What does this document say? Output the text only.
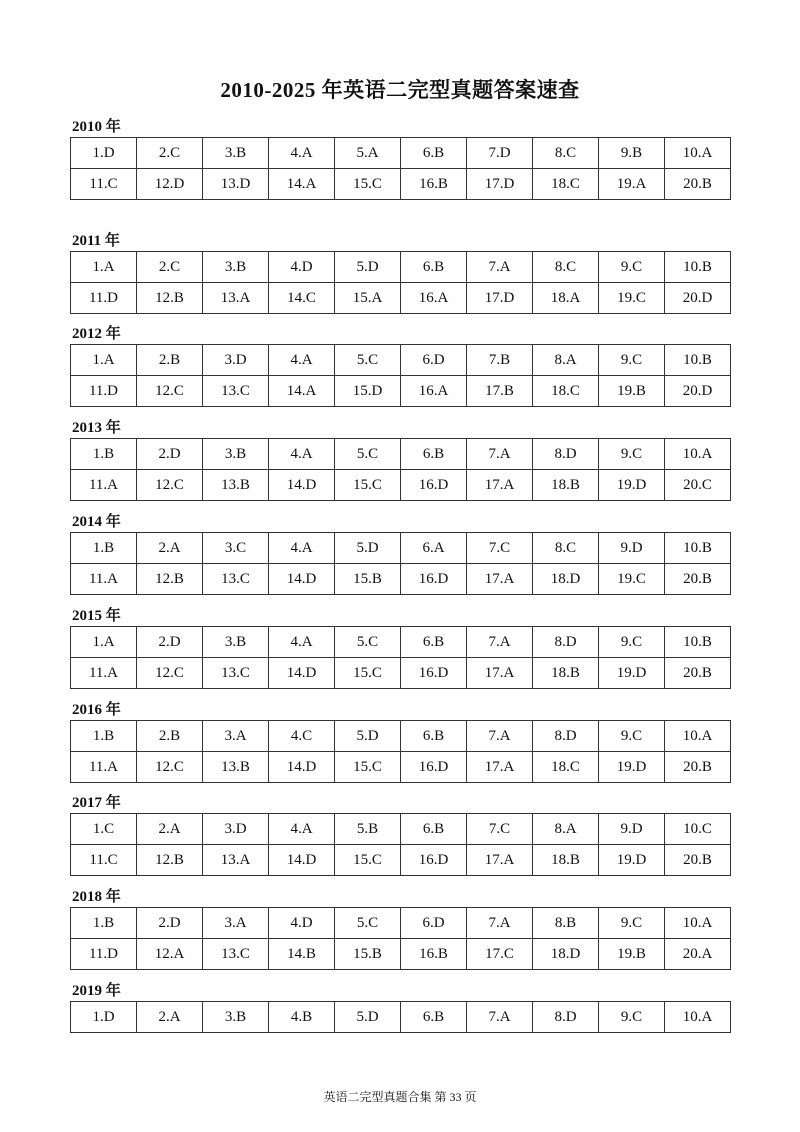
2010-2025 年英语二完型真题答案速查
2010 年
1.D	2.C	3.B	4.A	5.A	6.B	7.D	8.C	9.B	10.A
11.C	12.D	13.D	14.A	15.C	16.B	17.D	18.C	19.A	20.B
2011 年
1.A	2.C	3.B	4.D	5.D	6.B	7.A	8.C	9.C	10.B
11.D	12.B	13.A	14.C	15.A	16.A	17.D	18.A	19.C	20.D
2012 年
1.A	2.B	3.D	4.A	5.C	6.D	7.B	8.A	9.C	10.B
11.D	12.C	13.C	14.A	15.D	16.A	17.B	18.C	19.B	20.D
2013 年
1.B	2.D	3.B	4.A	5.C	6.B	7.A	8.D	9.C	10.A
11.A	12.C	13.B	14.D	15.C	16.D	17.A	18.B	19.D	20.C
2014 年
1.B	2.A	3.C	4.A	5.D	6.A	7.C	8.C	9.D	10.B
11.A	12.B	13.C	14.D	15.B	16.D	17.A	18.D	19.C	20.B
2015 年
1.A	2.D	3.B	4.A	5.C	6.B	7.A	8.D	9.C	10.B
11.A	12.C	13.C	14.D	15.C	16.D	17.A	18.B	19.D	20.B
2016 年
1.B	2.B	3.A	4.C	5.D	6.B	7.A	8.D	9.C	10.A
11.A	12.C	13.B	14.D	15.C	16.D	17.A	18.C	19.D	20.B
2017 年
1.C	2.A	3.D	4.A	5.B	6.B	7.C	8.A	9.D	10.C
11.C	12.B	13.A	14.D	15.C	16.D	17.A	18.B	19.D	20.B
2018 年
1.B	2.D	3.A	4.D	5.C	6.D	7.A	8.B	9.C	10.A
11.D	12.A	13.C	14.B	15.B	16.B	17.C	18.D	19.B	20.A
2019 年
1.D	2.A	3.B	4.B	5.D	6.B	7.A	8.D	9.C	10.A
英语二完型真题合集 第 33 页
